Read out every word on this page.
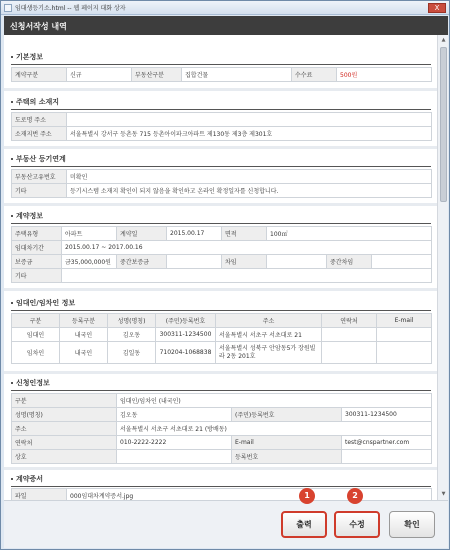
임대생등기소.html -- 웹 페이지 대화 상자	X
신청서작성 내역
기본정보
계약구분	신규	부동산구분	집합건물	수수료	500원
주택의 소재지
도로명 주소	
소재지번 주소	서울특별시 강서구 등촌동 715 등촌아이파크아파트 제130동 제3층 제301호
부동산 등기연계
부동산고유번호	미확인
기타	등기시스템 소재지 확인이 되지 않음을 확인하고 온라인 확정일자를 신청합니다.
계약정보
주택유형	아파트	계약일	2015.00.17	면적	100㎡		
임대차기간	2015.00.17 ~ 2017.00.16						
보증금	금35,000,000원	중간보증금		차임		중간차임	
기타							
임대인/임차인 정보
구분	등록구분	성명(명칭)	(주민)등록번호	주소	연락처	E-mail
임대인	내국인	김오동	300311-1234500	서울특별시 서초구 서초대로 21		
임차인	내국인	김일동	710204-1068838	서울특별시 성북구 안암동5가 장원빌라 2동 201호		
신청인정보
구분	임대인/임차인 (내국인)		
성명(명칭)	김오동	(주민)등록번호	300311-1234500
주소	서울특별시 서초구 서초대로 21 (방배동)		
연락처	010-2222-2222	E-mail	test@cnspartner.com
상호		등록번호	
계약증서
파일	000임대차계약증서.jpg
▲
▼
출력	수정	확인
1	2
